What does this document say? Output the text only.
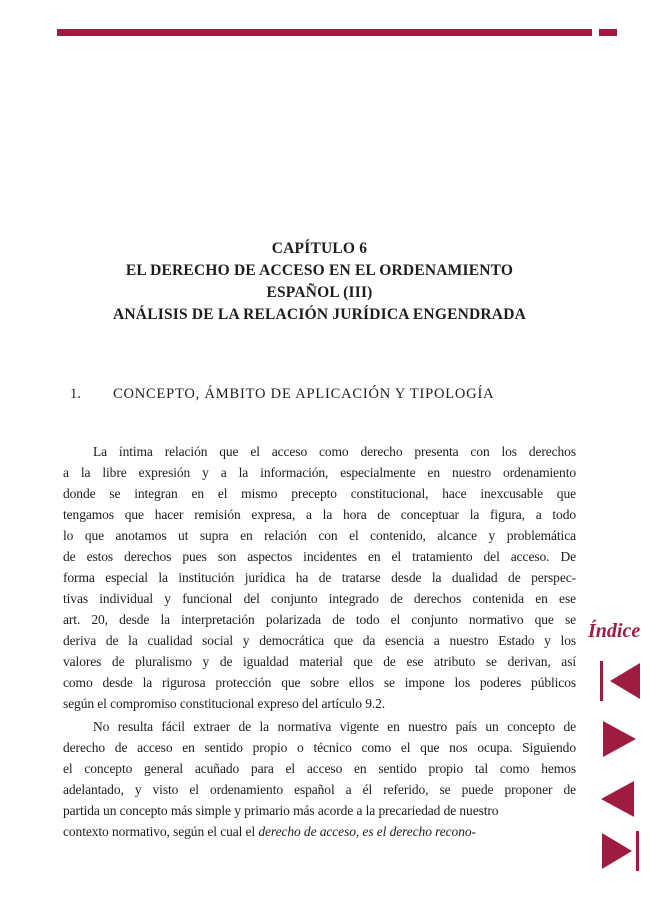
CAPÍTULO 6
EL DERECHO DE ACCESO EN EL ORDENAMIENTO
ESPAÑOL (III)
ANÁLISIS DE LA RELACIÓN JURÍDICA ENGENDRADA
1. CONCEPTO, ÁMBITO DE APLICACIÓN Y TIPOLOGÍA
La íntima relación que el acceso como derecho presenta con los derechos
a la libre expresión y a la información, especialmente en nuestro ordenamiento
donde se integran en el mismo precepto constitucional, hace inexcusable que
tengamos que hacer remisión expresa, a la hora de conceptuar la figura, a todo
lo que anotamos ut supra en relación con el contenido, alcance y problemática
de estos derechos pues son aspectos incidentes en el tratamiento del acceso. De
forma especial la institución jurídica ha de tratarse desde la dualidad de perspec-
tivas individual y funcional del conjunto integrado de derechos contenida en ese
art. 20, desde la interpretación polarizada de todo el conjunto normativo que se
deriva de la cualidad social y democrática que da esencia a nuestro Estado y los
valores de pluralismo y de igualdad material que de ese atributo se derivan, así
como desde la rigurosa protección que sobre ellos se impone los poderes públicos
según el compromiso constitucional expreso del artículo 9.2.
No resulta fácil extraer de la normativa vigente en nuestro país un concepto de
derecho de acceso en sentido propio o técnico como el que nos ocupa. Siguiendo
el concepto general acuñado para el acceso en sentido propio tal como hemos
adelantado, y visto el ordenamiento español a él referido, se puede proponer de
partida un concepto más simple y primario más acorde a la precariedad de nuestro
contexto normativo, según el cual el derecho de acceso, es el derecho recono-
Índice
